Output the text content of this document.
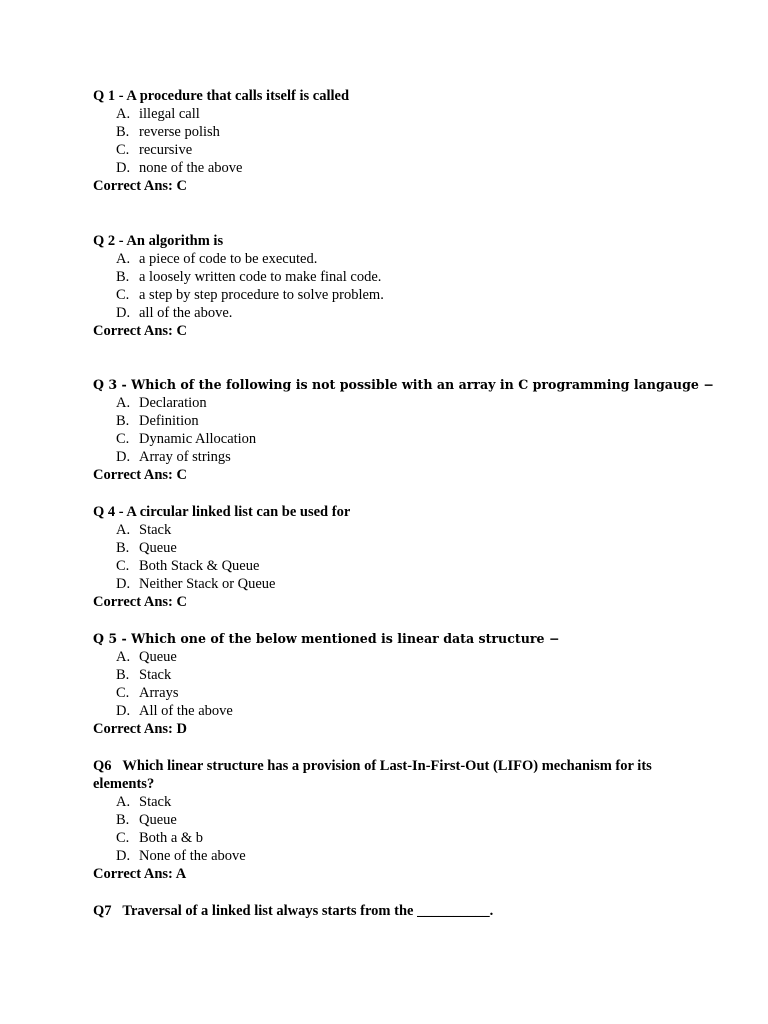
Q 1 - A procedure that calls itself is called
A. illegal call
B. reverse polish
C. recursive
D. none of the above
Correct Ans: C
Q 2 - An algorithm is
A. a piece of code to be executed.
B. a loosely written code to make final code.
C. a step by step procedure to solve problem.
D. all of the above.
Correct Ans: C
Q 3 - Which of the following is not possible with an array in C programming langauge −
A. Declaration
B. Definition
C. Dynamic Allocation
D. Array of strings
Correct Ans: C
Q 4 - A circular linked list can be used for
A. Stack
B. Queue
C. Both Stack & Queue
D. Neither Stack or Queue
Correct Ans: C
Q 5 - Which one of the below mentioned is linear data structure −
A. Queue
B. Stack
C. Arrays
D. All of the above
Correct Ans: D
Q6   Which linear structure has a provision of Last-In-First-Out (LIFO) mechanism for its elements?
A. Stack
B. Queue
C. Both a & b
D. None of the above
Correct Ans: A
Q7   Traversal of a linked list always starts from the __________.
